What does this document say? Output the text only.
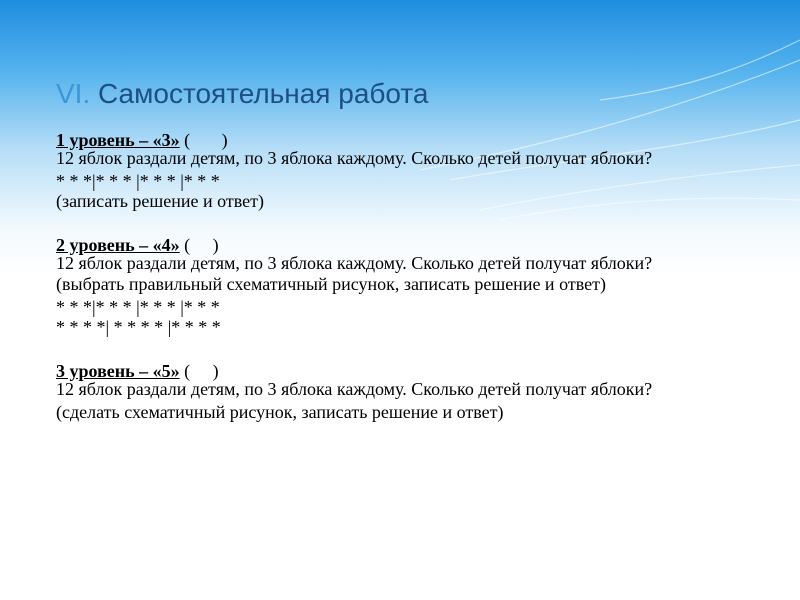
VI. Самостоятельная работа

1 уровень – «3» (       )

12 яблок раздали детям, по 3 яблока каждому. Сколько детей получат яблоки?

* * *|* * * |* * * |* * *

(записать решение и ответ)

2 уровень – «4» (     )

12 яблок раздали детям, по 3 яблока каждому. Сколько детей получат яблоки?

(выбрать правильный схематичный рисунок, записать решение и ответ)

* * *|* * * |* * * |* * *

* * * *| * * * * |* * * *

3 уровень – «5» (     )

12 яблок раздали детям, по 3 яблока каждому. Сколько детей получат яблоки?

(сделать схематичный рисунок, записать решение и ответ)
